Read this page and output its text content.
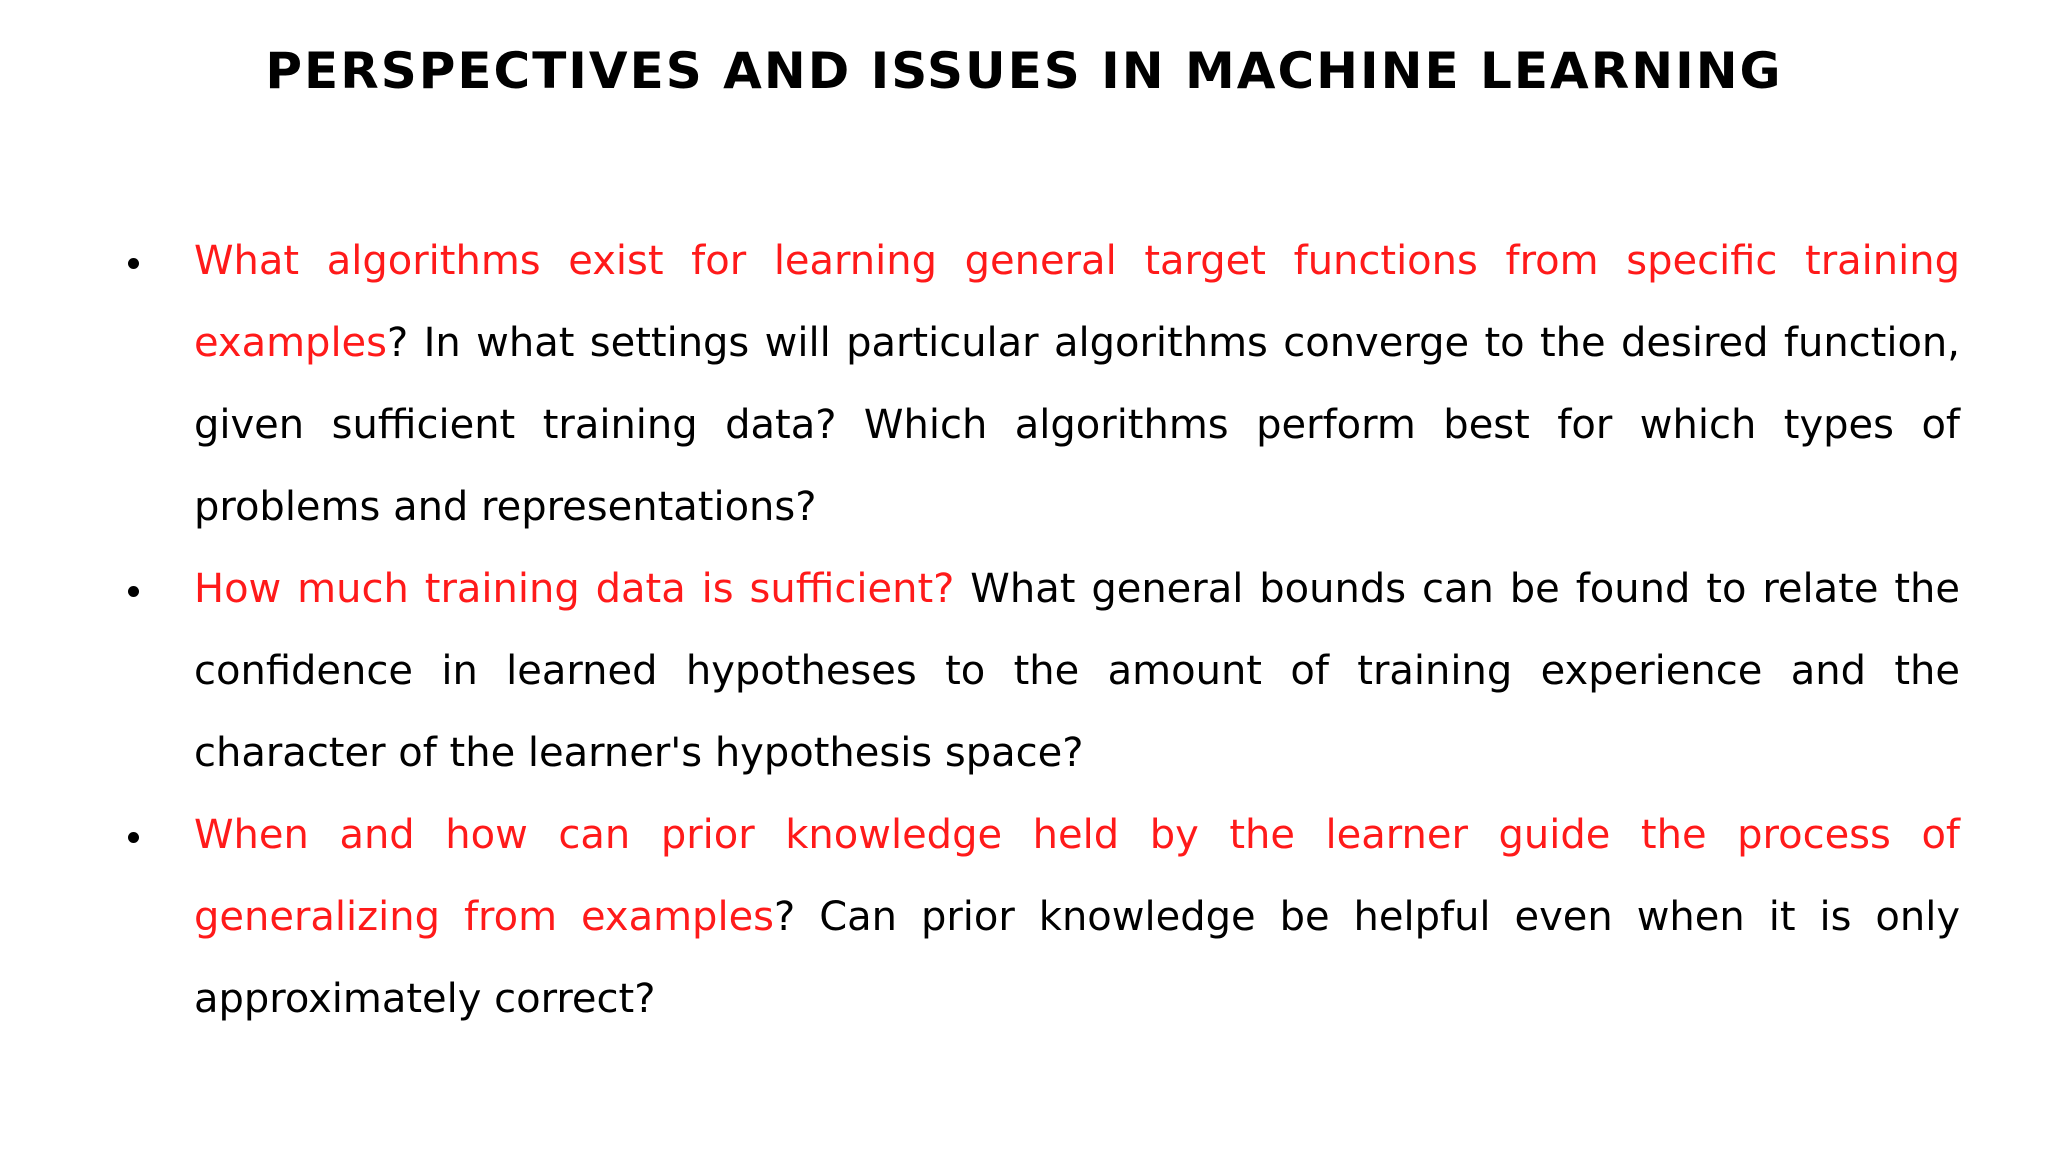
PERSPECTIVES AND ISSUES IN MACHINE LEARNING
What algorithms exist for learning general target functions from specific training examples? In what settings will particular algorithms converge to the desired function, given sufficient training data? Which algorithms perform best for which types of problems and representations?
How much training data is sufficient? What general bounds can be found to relate the confidence in learned hypotheses to the amount of training experience and the character of the learner's hypothesis space?
When and how can prior knowledge held by the learner guide the process of generalizing from examples? Can prior knowledge be helpful even when it is only approximately correct?
